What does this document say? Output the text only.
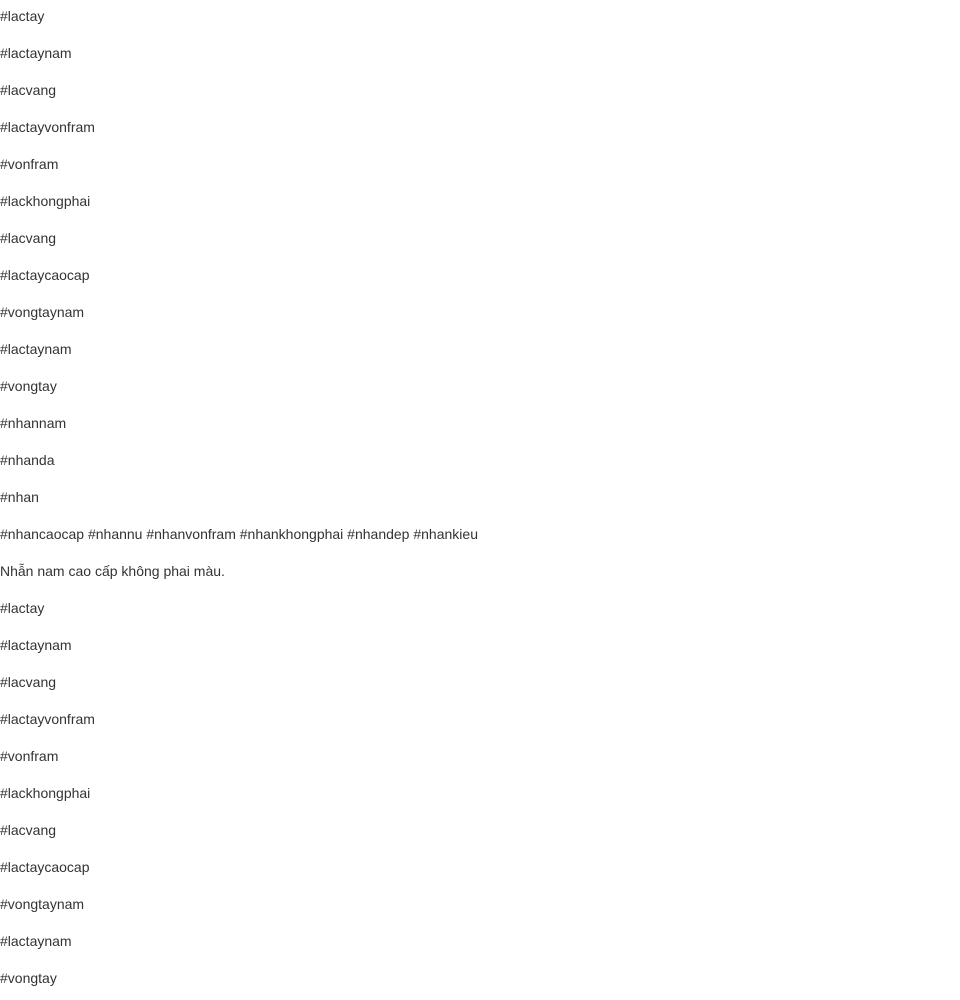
#lactay
#lactaynam
#lacvang
#lactayvonfram
#vonfram
#lackhongphai
#lacvang
#lactaycaocap
#vongtaynam
#lactaynam
#vongtay
#nhannam
#nhanda
#nhan
#nhancaocap #nhannu #nhanvonfram #nhankhongphai #nhandep #nhankieu
Nhẫn nam cao cấp không phai màu.
#lactay
#lactaynam
#lacvang
#lactayvonfram
#vonfram
#lackhongphai
#lacvang
#lactaycaocap
#vongtaynam
#lactaynam
#vongtay
